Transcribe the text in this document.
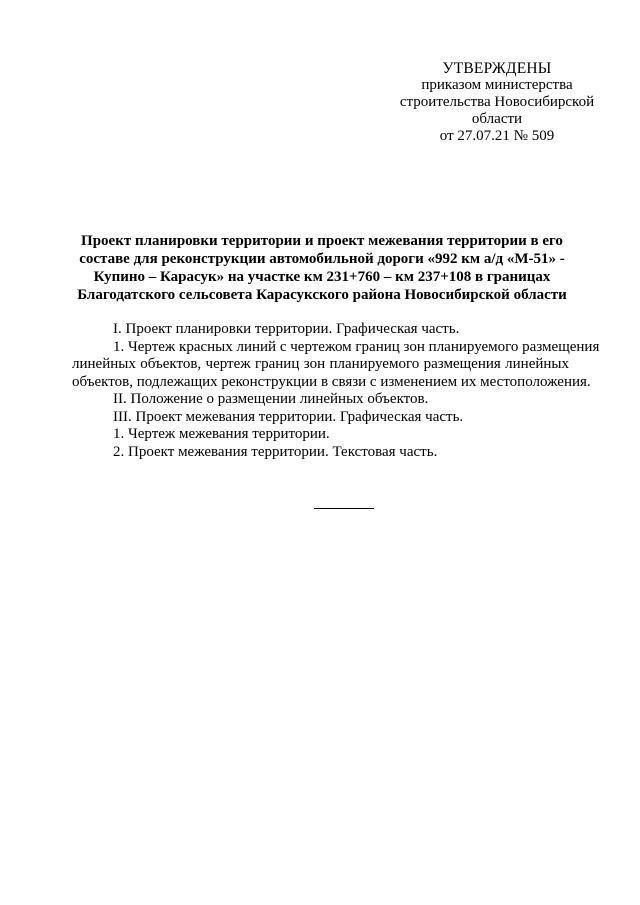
УТВЕРЖДЕНЫ
приказом министерства
строительства Новосибирской
области
от 27.07.21 № 509
Проект планировки территории и проект межевания территории в его
составе для реконструкции автомобильной дороги «992 км а/д «М-51» -
Купино – Карасук» на участке км 231+760 – км 237+108 в границах
Благодатского сельсовета Карасукского района Новосибирской области
I. Проект планировки территории. Графическая часть.
1. Чертеж красных линий с чертежом границ зон планируемого размещения
линейных объектов, чертеж границ зон планируемого размещения линейных
объектов, подлежащих реконструкции в связи с изменением их местоположения.
II. Положение о размещении линейных объектов.
III. Проект межевания территории. Графическая часть.
1. Чертеж межевания территории.
2. Проект межевания территории. Текстовая часть.
